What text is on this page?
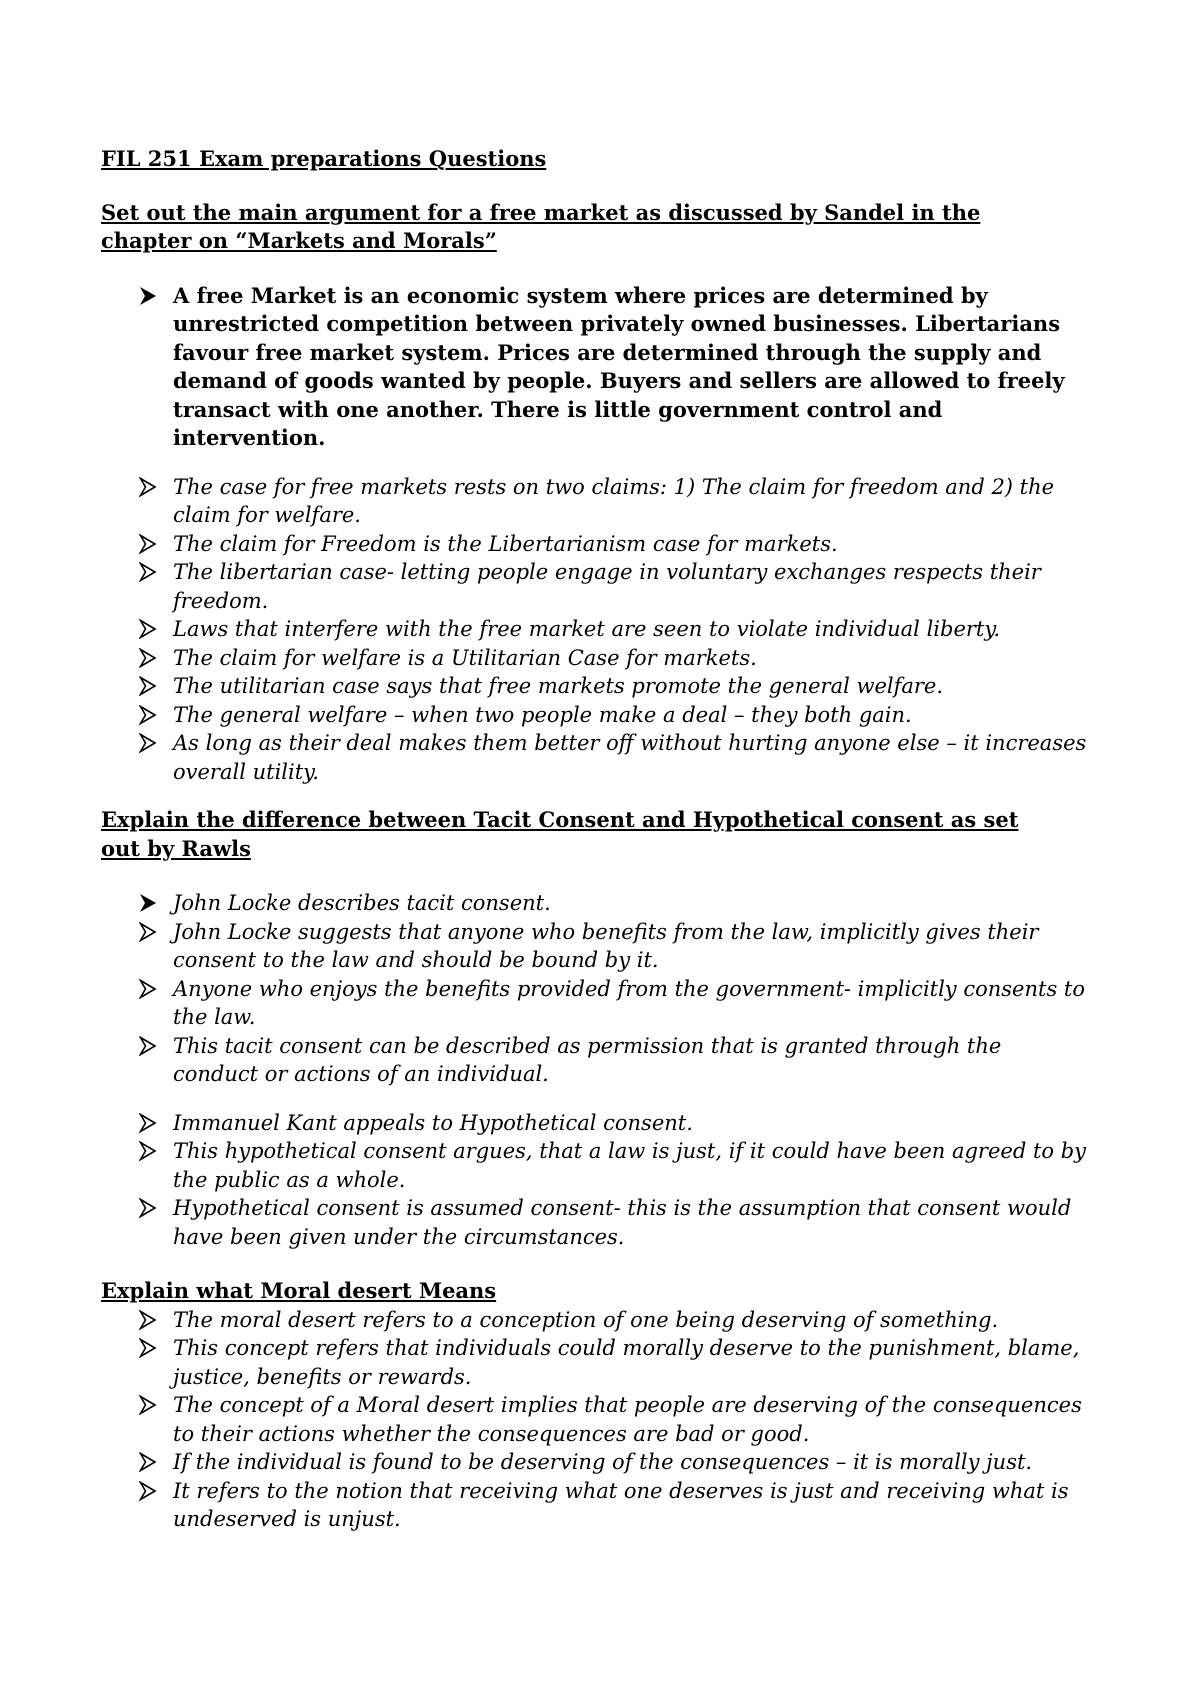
FIL 251 Exam preparations Questions

Set out the main argument for a free market as discussed by Sandel in the chapter on “Markets and Morals”

A free Market is an economic system where prices are determined by unrestricted competition between privately owned businesses. Libertarians favour free market system. Prices are determined through the supply and demand of goods wanted by people. Buyers and sellers are allowed to freely transact with one another. There is little government control and intervention.
The case for free markets rests on two claims: 1) The claim for freedom and 2) the claim for welfare.
The claim for Freedom is the Libertarianism case for markets.
The libertarian case- letting people engage in voluntary exchanges respects their freedom.
Laws that interfere with the free market are seen to violate individual liberty.
The claim for welfare is a Utilitarian Case for markets.
The utilitarian case says that free markets promote the general welfare.
The general welfare – when two people make a deal – they both gain.
As long as their deal makes them better off without hurting anyone else – it increases overall utility.

Explain the difference between Tacit Consent and Hypothetical consent as set out by Rawls

John Locke describes tacit consent.
John Locke suggests that anyone who benefits from the law, implicitly gives their consent to the law and should be bound by it.
Anyone who enjoys the benefits provided from the government- implicitly consents to the law.
This tacit consent can be described as permission that is granted through the conduct or actions of an individual.
Immanuel Kant appeals to Hypothetical consent.
This hypothetical consent argues, that a law is just, if it could have been agreed to by the public as a whole.
Hypothetical consent is assumed consent- this is the assumption that consent would have been given under the circumstances.

Explain what Moral desert Means

The moral desert refers to a conception of one being deserving of something.
This concept refers that individuals could morally deserve to the punishment, blame, justice, benefits or rewards.
The concept of a Moral desert implies that people are deserving of the consequences to their actions whether the consequences are bad or good.
If the individual is found to be deserving of the consequences – it is morally just.
It refers to the notion that receiving what one deserves is just and receiving what is undeserved is unjust.
